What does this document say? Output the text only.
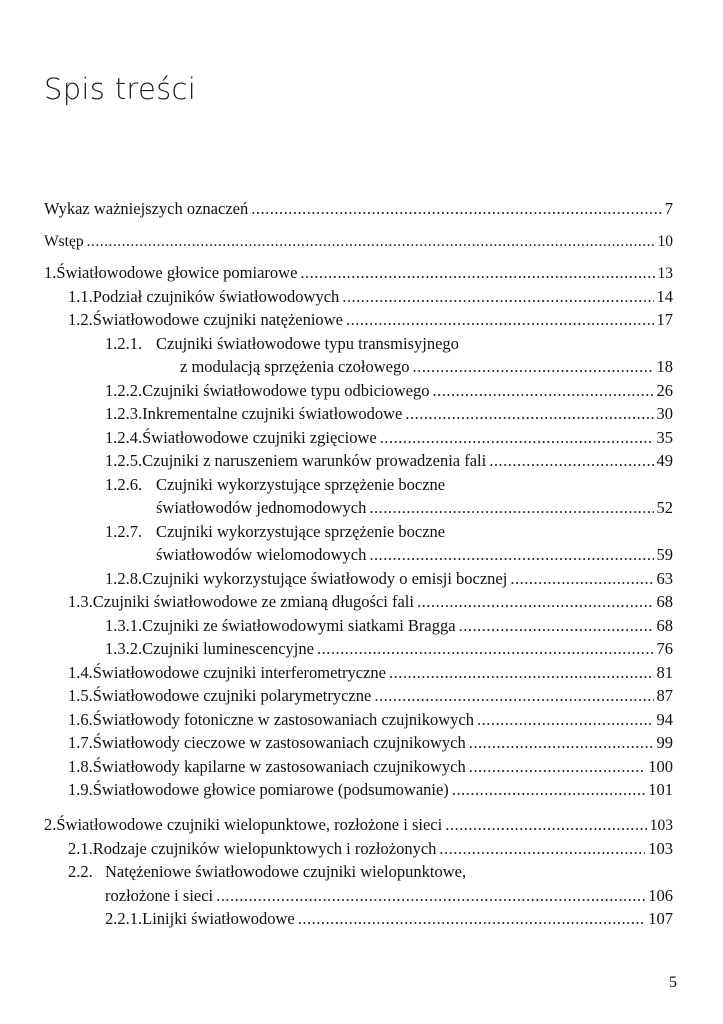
Spis treści
Wykaz ważniejszych oznaczeń .....	7
Wstęp .....	10
1. Światłowodowe głowice pomiarowe .....	13
1.1. Podział czujników światłowodowych .....	14
1.2. Światłowodowe czujniki natężeniowe .....	17
1.2.1. Czujniki światłowodowe typu transmisyjnego
z modulacją sprzężenia czołowego .....	18
1.2.2. Czujniki światłowodowe typu odbiciowego .....	26
1.2.3. Inkrementalne czujniki światłowodowe .....	30
1.2.4. Światłowodowe czujniki zgięciowe .....	35
1.2.5. Czujniki z naruszeniem warunków prowadzenia fali .....	49
1.2.6. Czujniki wykorzystujące sprzężenie boczne
światłowodów jednomodowych .....	52
1.2.7. Czujniki wykorzystujące sprzężenie boczne
światłowodów wielomodowych .....	59
1.2.8. Czujniki wykorzystujące światłowody o emisji bocznej .....	63
1.3. Czujniki światłowodowe ze zmianą długości fali .....	68
1.3.1. Czujniki ze światłowodowymi siatkami Bragga .....	68
1.3.2. Czujniki luminescencyjne .....	76
1.4. Światłowodowe czujniki interferometryczne .....	81
1.5. Światłowodowe czujniki polarymetryczne .....	87
1.6. Światłowody fotoniczne w zastosowaniach czujnikowych .....	94
1.7. Światłowody cieczowe w zastosowaniach czujnikowych .....	99
1.8. Światłowody kapilarne w zastosowaniach czujnikowych .....	100
1.9. Światłowodowe głowice pomiarowe (podsumowanie) .....	101
2. Światłowodowe czujniki wielopunktowe, rozłożone i sieci .....	103
2.1. Rodzaje czujników wielopunktowych i rozłożonych .....	103
2.2. Natężeniowe światłowodowe czujniki wielopunktowe,
rozłożone i sieci .....	106
2.2.1. Linijki światłowodowe .....	107
5
